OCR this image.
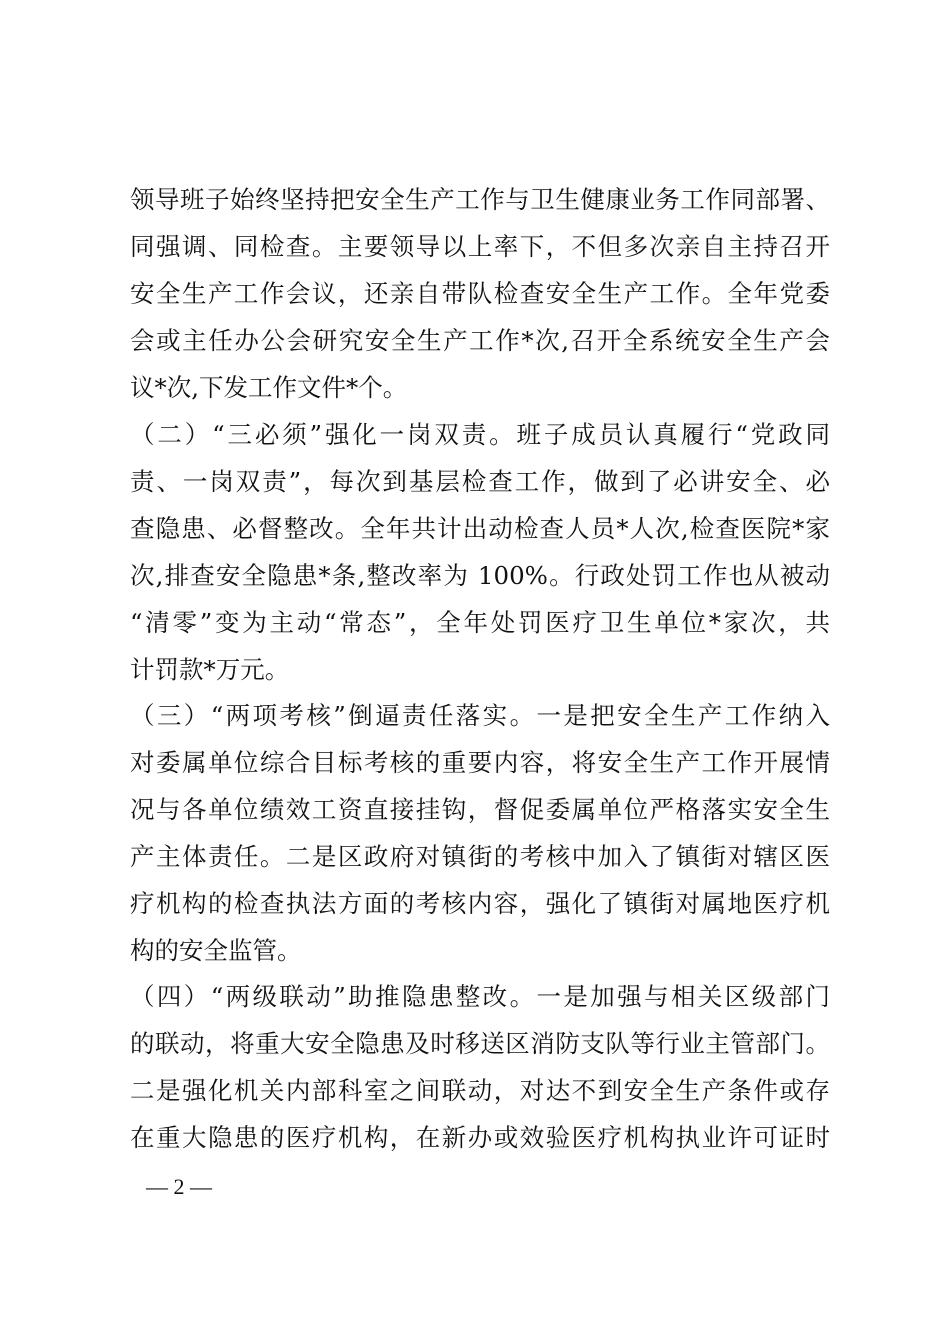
领导班子始终坚持把安全生产工作与卫生健康业务工作同部署、
同强调、同检查。主要领导以上率下，不但多次亲自主持召开
安全生产工作会议，还亲自带队检查安全生产工作。全年党委
会或主任办公会研究安全生产工作*次,召开全系统安全生产会
议*次,下发工作文件*个。
（二）“三必须”强化一岗双责。班子成员认真履行“党政同
责、一岗双责”，每次到基层检查工作，做到了必讲安全、必
查隐患、必督整改。全年共计出动检查人员*人次,检查医院*家
次,排查安全隐患*条,整改率为 100%。行政处罚工作也从被动
“清零”变为主动“常态”，全年处罚医疗卫生单位*家次，共
计罚款*万元。
（三）“两项考核”倒逼责任落实。一是把安全生产工作纳入
对委属单位综合目标考核的重要内容，将安全生产工作开展情
况与各单位绩效工资直接挂钩，督促委属单位严格落实安全生
产主体责任。二是区政府对镇街的考核中加入了镇街对辖区医
疗机构的检查执法方面的考核内容，强化了镇街对属地医疗机
构的安全监管。
（四）“两级联动”助推隐患整改。一是加强与相关区级部门
的联动，将重大安全隐患及时移送区消防支队等行业主管部门。
二是强化机关内部科室之间联动，对达不到安全生产条件或存
在重大隐患的医疗机构，在新办或效验医疗机构执业许可证时
— 2 —
